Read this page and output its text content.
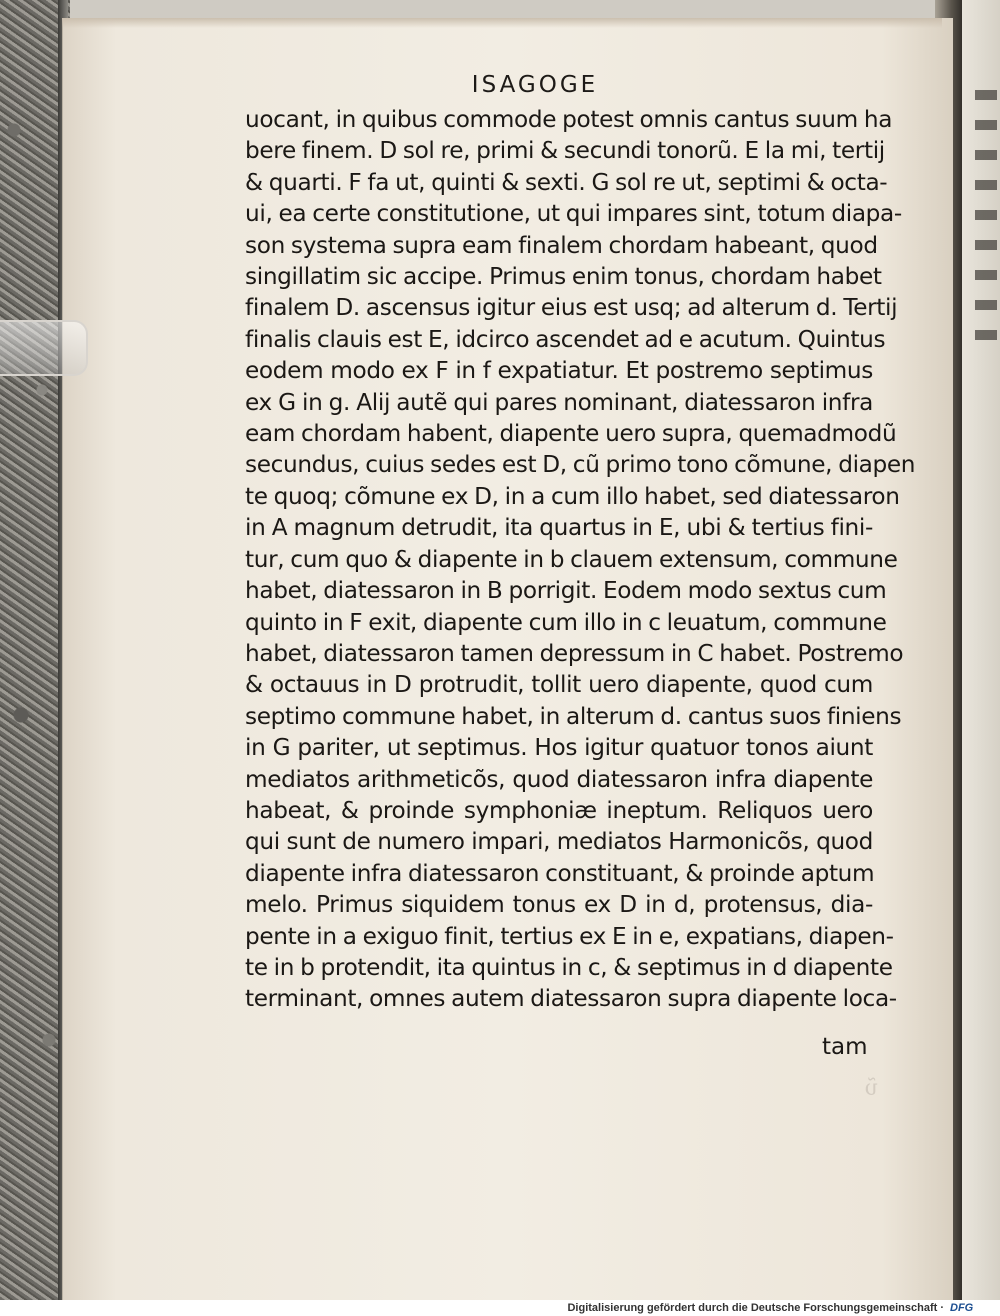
ῦ
ISAGOGE
uocant, in quibus commode potest omnis cantus suum ha
bere finem. D sol re, primi & secundi tonorũ. E la mi, tertij
& quarti. F fa ut, quinti & sexti. G sol re ut, septimi & octa-
ui, ea certe constitutione, ut qui impares sint, totum diapa-
son systema supra eam finalem chordam habeant, quod
singillatim sic accipe. Primus enim tonus, chordam habet
finalem D. ascensus igitur eius est usq; ad alterum d. Tertij
finalis clauis est E, idcirco ascendet ad e acutum. Quintus
eodem modo ex F in f expatiatur. Et postremo septimus
ex G in g. Alij autẽ qui pares nominant, diatessaron infra
eam chordam habent, diapente uero supra, quemadmodũ
secundus, cuius sedes est D, cũ primo tono cõmune, diapen
te quoq; cõmune ex D, in a cum illo habet, sed diatessaron
in A magnum detrudit, ita quartus in E, ubi & tertius fini-
tur, cum quo & diapente in b clauem extensum, commune
habet, diatessaron in B porrigit. Eodem modo sextus cum
quinto in F exit, diapente cum illo in c leuatum, commune
habet, diatessaron tamen depressum in C habet. Postremo
& octauus in D protrudit, tollit uero diapente, quod cum
septimo commune habet, in alterum d. cantus suos finiens
in G pariter, ut septimus. Hos igitur quatuor tonos aiunt
mediatos arithmeticõs, quod diatessaron infra diapente
habeat, & proinde symphoniæ ineptum. Reliquos uero
qui sunt de numero impari, mediatos Harmonicõs, quod
diapente infra diatessaron constituant, & proinde aptum
melo. Primus siquidem tonus ex D in d, protensus, dia-
pente in a exiguo finit, tertius ex E in e, expatians, diapen-
te in b protendit, ita quintus in c, & septimus in d diapente
terminant, omnes autem diatessaron supra diapente loca-
tam
Digitalisierung gefördert durch die Deutsche Forschungsgemeinschaft · DFG
